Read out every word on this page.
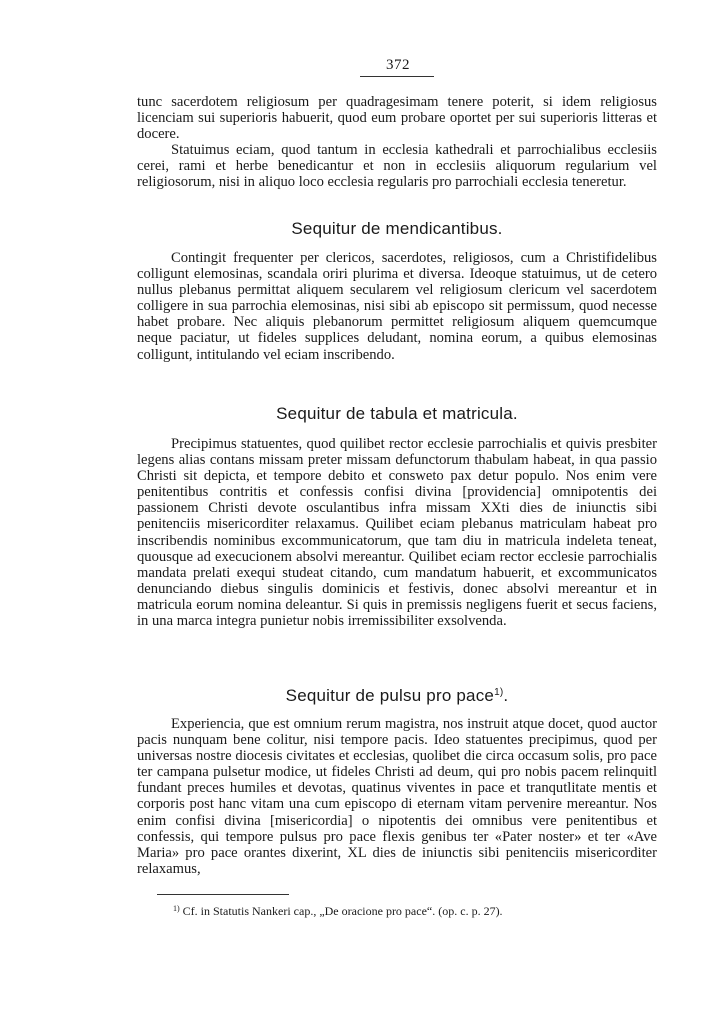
372

tunc sacerdotem religiosum per quadragesimam tenere poterit, si idem religiosus licenciam sui superioris habuerit, quod eum probare oportet per sui superioris litteras et docere.

Statuimus eciam, quod tantum in ecclesia kathedrali et parrochialibus ecclesiis cerei, rami et herbe benedicantur et non in ecclesiis aliquorum regularium vel religiosorum, nisi in aliquo loco ecclesia regularis pro parrochiali ecclesia teneretur.

Sequitur de mendicantibus.

Contingit frequenter per clericos, sacerdotes, religiosos, cum a Christifidelibus colligunt elemosinas, scandala oriri plurima et diversa. Ideoque statuimus, ut de cetero nullus plebanus permittat aliquem secularem vel religiosum clericum vel sacerdotem colligere in sua parrochia elemosinas, nisi sibi ab episcopo sit permissum, quod necesse habet probare. Nec aliquis plebanorum permittet religiosum aliquem quemcumque neque paciatur, ut fideles supplices deludant, nomina eorum, a quibus elemosinas colligunt, intitulando vel eciam inscribendo.

Sequitur de tabula et matricula.

Precipimus statuentes, quod quilibet rector ecclesie parrochialis et quivis presbiter legens alias contans missam preter missam defunctorum thabulam habeat, in qua passio Christi sit depicta, et tempore debito et consweto pax detur populo. Nos enim vere penitentibus contritis et confessis confisi divina [providencia] omnipotentis dei passionem Christi devote osculantibus infra missam XXti dies de iniunctis sibi penitenciis misericorditer relaxamus. Quilibet eciam plebanus matriculam habeat pro inscribendis nominibus excommunicatorum, que tam diu in matricula indeleta teneat, quousque ad execucionem absolvi mereantur. Quilibet eciam rector ecclesie parrochialis mandata prelati exequi studeat citando, cum mandatum habuerit, et excommunicatos denunciando diebus singulis dominicis et festivis, donec absolvi mereantur et in matricula eorum nomina deleantur. Si quis in premissis negligens fuerit et secus faciens, in una marca integra punietur nobis irremissibiliter exsolvenda.

Sequitur de pulsu pro pace$^{1)}$.

Experiencia, que est omnium rerum magistra, nos instruit atque docet, quod auctor pacis nunquam bene colitur, nisi tempore pacis. Ideo statuentes precipimus, quod per universas nostre diocesis civitates et ecclesias, quolibet die circa occasum solis, pro pace ter campana pulsetur modice, ut fideles Christi ad deum, qui pro nobis pacem relinquitl fundant preces humiles et devotas, quatinus viventes in pace et tranqutlitate mentis et corporis post hanc vitam una cum episcopo di eternam vitam pervenire mereantur. Nos enim confisi divina [misericordia] o nipotentis dei omnibus vere penitentibus et confessis, qui tempore pulsus pro pace flexis genibus ter «Pater noster» et ter «Ave Maria» pro pace orantes dixerint, XL dies de iniunctis sibi penitenciis misericorditer relaxamus,

$^{1)}$ Cf. in Statutis Nankeri cap., „De oracione pro pace“. (op. c. p. 27).
